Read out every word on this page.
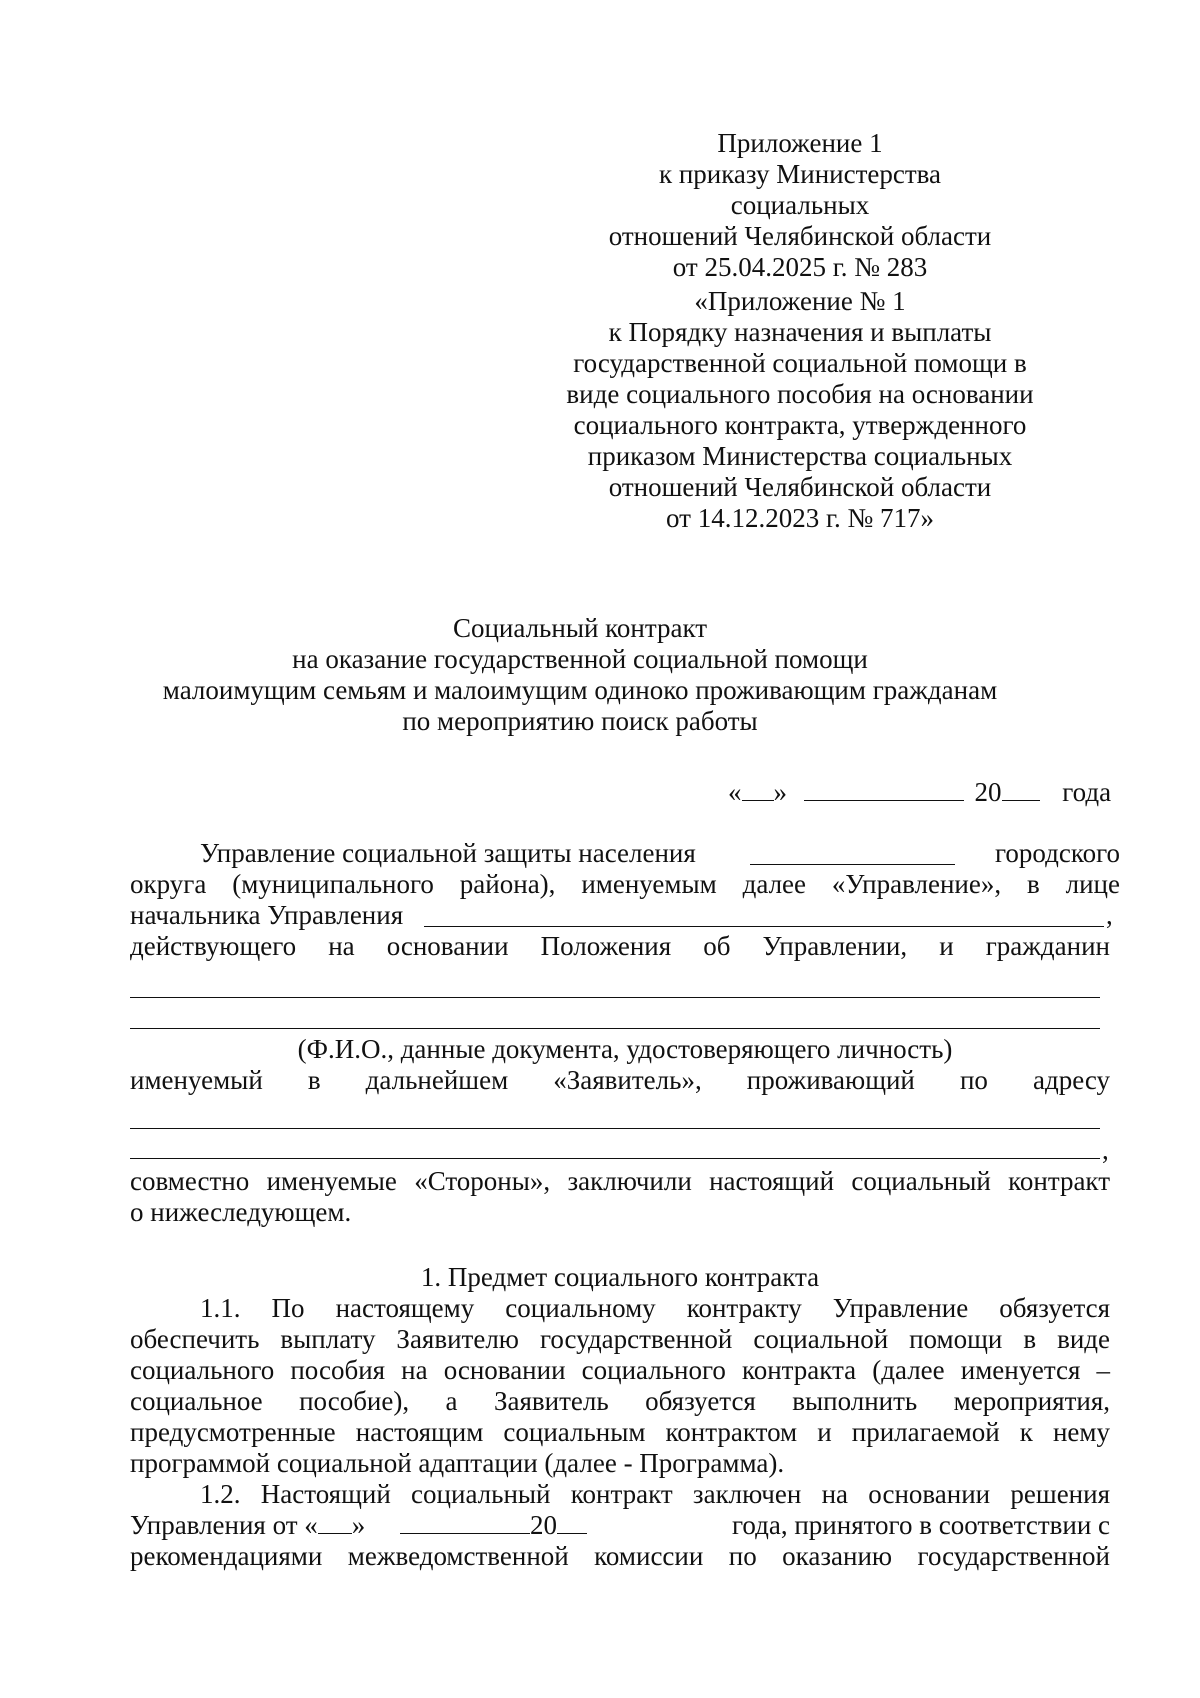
Приложение 1
к приказу Министерства социальных
отношений Челябинской области
от 25.04.2025 г. № 283
«Приложение № 1
к Порядку назначения и выплаты
государственной социальной помощи в
виде социального пособия на основании
социального контракта, утвержденного
приказом Министерства социальных
отношений Челябинской области
от 14.12.2023 г. № 717»
Социальный контракт
на оказание государственной социальной помощи
малоимущим семьям и малоимущим одиноко проживающим гражданам
по мероприятию поиск работы
« »	20 года
Управление социальной защиты населения	городского
округа (муниципального района), именуемым далее «Управление», в лице
начальника Управления	,
действующего на основании Положения об Управлении, и гражданин
(Ф.И.О., данные документа, удостоверяющего личность)
именуемый в дальнейшем «Заявитель», проживающий по адресу
,
совместно именуемые «Стороны», заключили настоящий социальный контракт
о нижеследующем.
1. Предмет социального контракта
1.1. По настоящему социальному контракту Управление обязуется
обеспечить выплату Заявителю государственной социальной помощи в виде
социального пособия на основании социального контракта (далее именуется –
социальное пособие), а Заявитель обязуется выполнить мероприятия,
предусмотренные настоящим социальным контрактом и прилагаемой к нему
программой социальной адаптации (далее - Программа).
1.2. Настоящий социальный контракт заключен на основании решения
Управления от « »	20	года, принятого в соответствии с
рекомендациями межведомственной комиссии по оказанию государственной
